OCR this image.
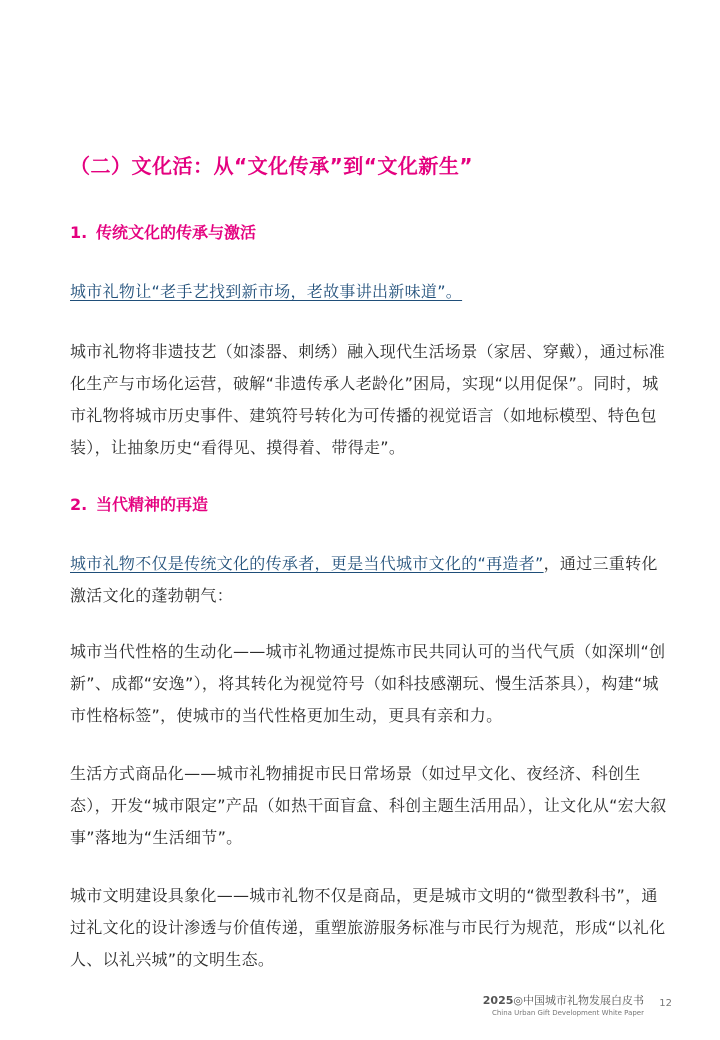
（二）文化活：从“文化传承”到“文化新生”
1. 传统文化的传承与激活
城市礼物让“老手艺找到新市场，老故事讲出新味道”。
城市礼物将非遗技艺（如漆器、刺绣）融入现代生活场景（家居、穿戴），通过标准化生产与市场化运营，破解“非遗传承人老龄化”困局，实现“以用促保”。同时，城市礼物将城市历史事件、建筑符号转化为可传播的视觉语言（如地标模型、特色包装），让抽象历史“看得见、摸得着、带得走”。
2. 当代精神的再造
城市礼物不仅是传统文化的传承者，更是当代城市文化的“再造者”，通过三重转化激活文化的蓬勃朝气：
城市当代性格的生动化——城市礼物通过提炼市民共同认可的当代气质（如深圳“创新”、成都“安逸”），将其转化为视觉符号（如科技感潮玩、慢生活茶具），构建“城市性格标签”，使城市的当代性格更加生动，更具有亲和力。
生活方式商品化——城市礼物捕捉市民日常场景（如过早文化、夜经济、科创生态），开发“城市限定”产品（如热干面盲盒、科创主题生活用品），让文化从“宏大叙事”落地为“生活细节”。
城市文明建设具象化——城市礼物不仅是商品，更是城市文明的“微型教科书”，通过礼文化的设计渗透与价值传递，重塑旅游服务标准与市民行为规范，形成“以礼化人、以礼兴城”的文明生态。
2025◎中国城市礼物发展白皮书
China Urban Gift Development White Paper
12
